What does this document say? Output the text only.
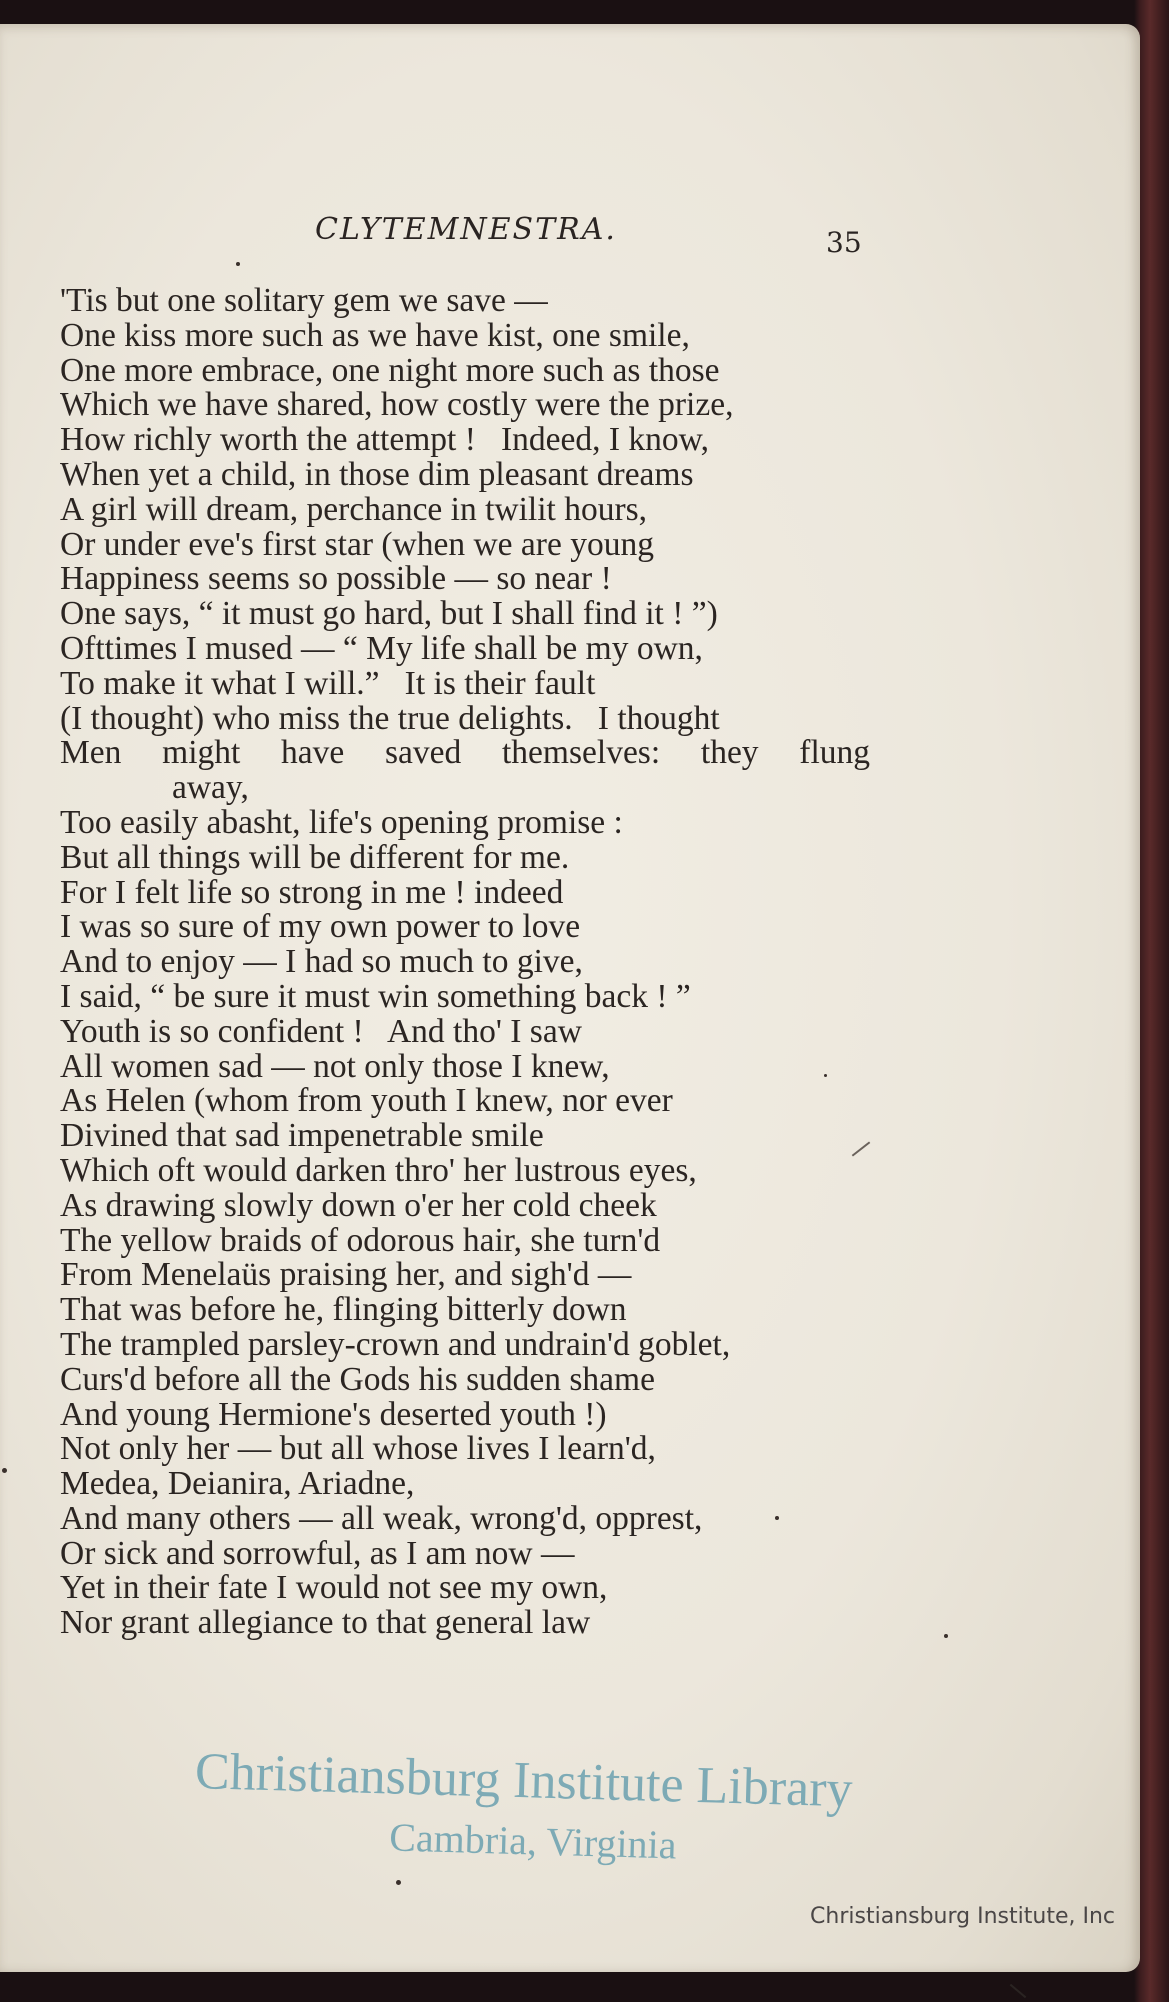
CLYTEMNESTRA.	35
'Tis but one solitary gem we save —
One kiss more such as we have kist, one smile,
One more embrace, one night more such as those
Which we have shared, how costly were the prize,
How richly worth the attempt !   Indeed, I know,
When yet a child, in those dim pleasant dreams
A girl will dream, perchance in twilit hours,
Or under eve's first star (when we are young
Happiness seems so possible — so near !
One says, “ it must go hard, but I shall find it ! ”)
Ofttimes I mused — “ My life shall be my own,
To make it what I will.”   It is their fault
(I thought) who miss the true delights.   I thought
Men might have saved themselves: they flung
away,
Too easily abasht, life's opening promise :
But all things will be different for me.
For I felt life so strong in me ! indeed
I was so sure of my own power to love
And to enjoy — I had so much to give,
I said, “ be sure it must win something back ! ”
Youth is so confident !   And tho' I saw
All women sad — not only those I knew,
As Helen (whom from youth I knew, nor ever
Divined that sad impenetrable smile
Which oft would darken thro' her lustrous eyes,
As drawing slowly down o'er her cold cheek
The yellow braids of odorous hair, she turn'd
From Menelaüs praising her, and sigh'd —
That was before he, flinging bitterly down
The trampled parsley-crown and undrain'd goblet,
Curs'd before all the Gods his sudden shame
And young Hermione's deserted youth !)
Not only her — but all whose lives I learn'd,
Medea, Deianira, Ariadne,
And many others — all weak, wrong'd, opprest,
Or sick and sorrowful, as I am now —
Yet in their fate I would not see my own,
Nor grant allegiance to that general law
Christiansburg Institute Library
Cambria, Virginia
Christiansburg Institute, Inc
